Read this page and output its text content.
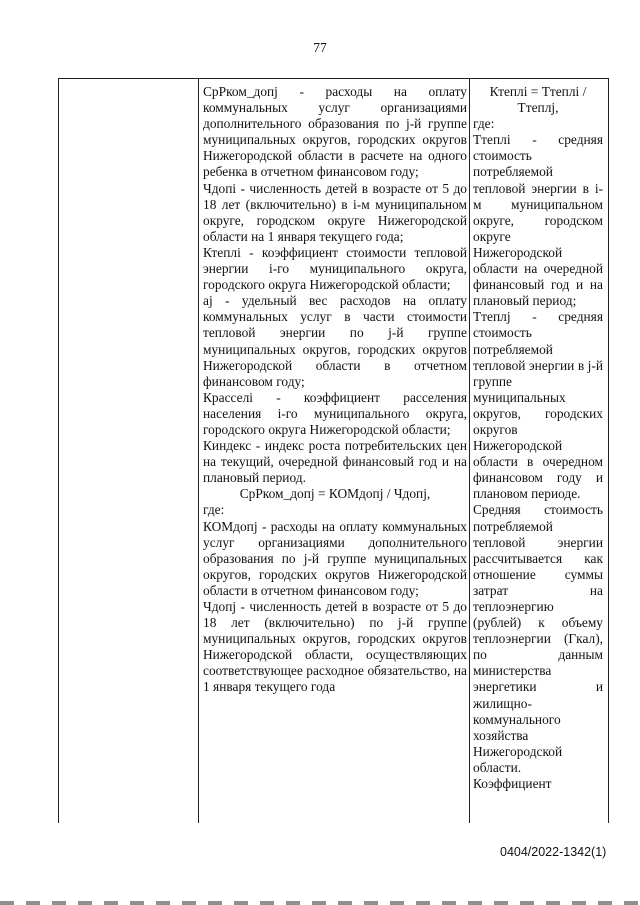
77

СрРком_допj - расходы на оплату коммунальных услуг организациями дополнительного образования по j-й группе муниципальных округов, городских округов Нижегородской области в расчете на одного ребенка в отчетном финансовом году;

Чдопi - численность детей в возрасте от 5 до 18 лет (включительно) в i-м муниципальном округе, городском округе Нижегородской области на 1 января текущего года;

Ктеплi - коэффициент стоимости тепловой энергии i-го муниципального округа, городского округа Нижегородской области;

аj - удельный вес расходов на оплату коммунальных услуг в части стоимости тепловой энергии по j-й группе муниципальных округов, городских округов Нижегородской области в отчетном финансовом году;

Красселi - коэффициент расселения населения i-го муниципального округа, городского округа Нижегородской области;

Киндекс - индекс роста потребительских цен на текущий, очередной финансовый год и на плановый период.

СрРком_допj = КОМдопj / Чдопj,

где:

КОМдопj - расходы на оплату коммунальных услуг организациями дополнительного образования по j-й группе муниципальных округов, городских округов Нижегородской области в отчетном финансовом году;

Чдопj - численность детей в возрасте от 5 до 18 лет (включительно) по j-й группе муниципальных округов, городских округов Нижегородской области, осуществляющих соответствующее расходное обязательство, на 1 января текущего года

Ктеплi = Ттеплi / Ттеплj,

где:

Ттеплi - средняя стоимость потребляемой тепловой энергии в i-м муниципальном округе, городском округе Нижегородской области на очередной финансовый год и на плановый период;

Ттеплj - средняя стоимость потребляемой тепловой энергии в j-й группе муниципальных округов, городских округов Нижегородской области в очередном финансовом году и плановом периоде.

Средняя стоимость потребляемой тепловой энергии рассчитывается как отношение суммы затрат на теплоэнергию (рублей) к объему теплоэнергии (Гкал), по данным министерства энергетики и жилищно-коммунального хозяйства Нижегородской области.

Коэффициент

0404/2022-1342(1)
